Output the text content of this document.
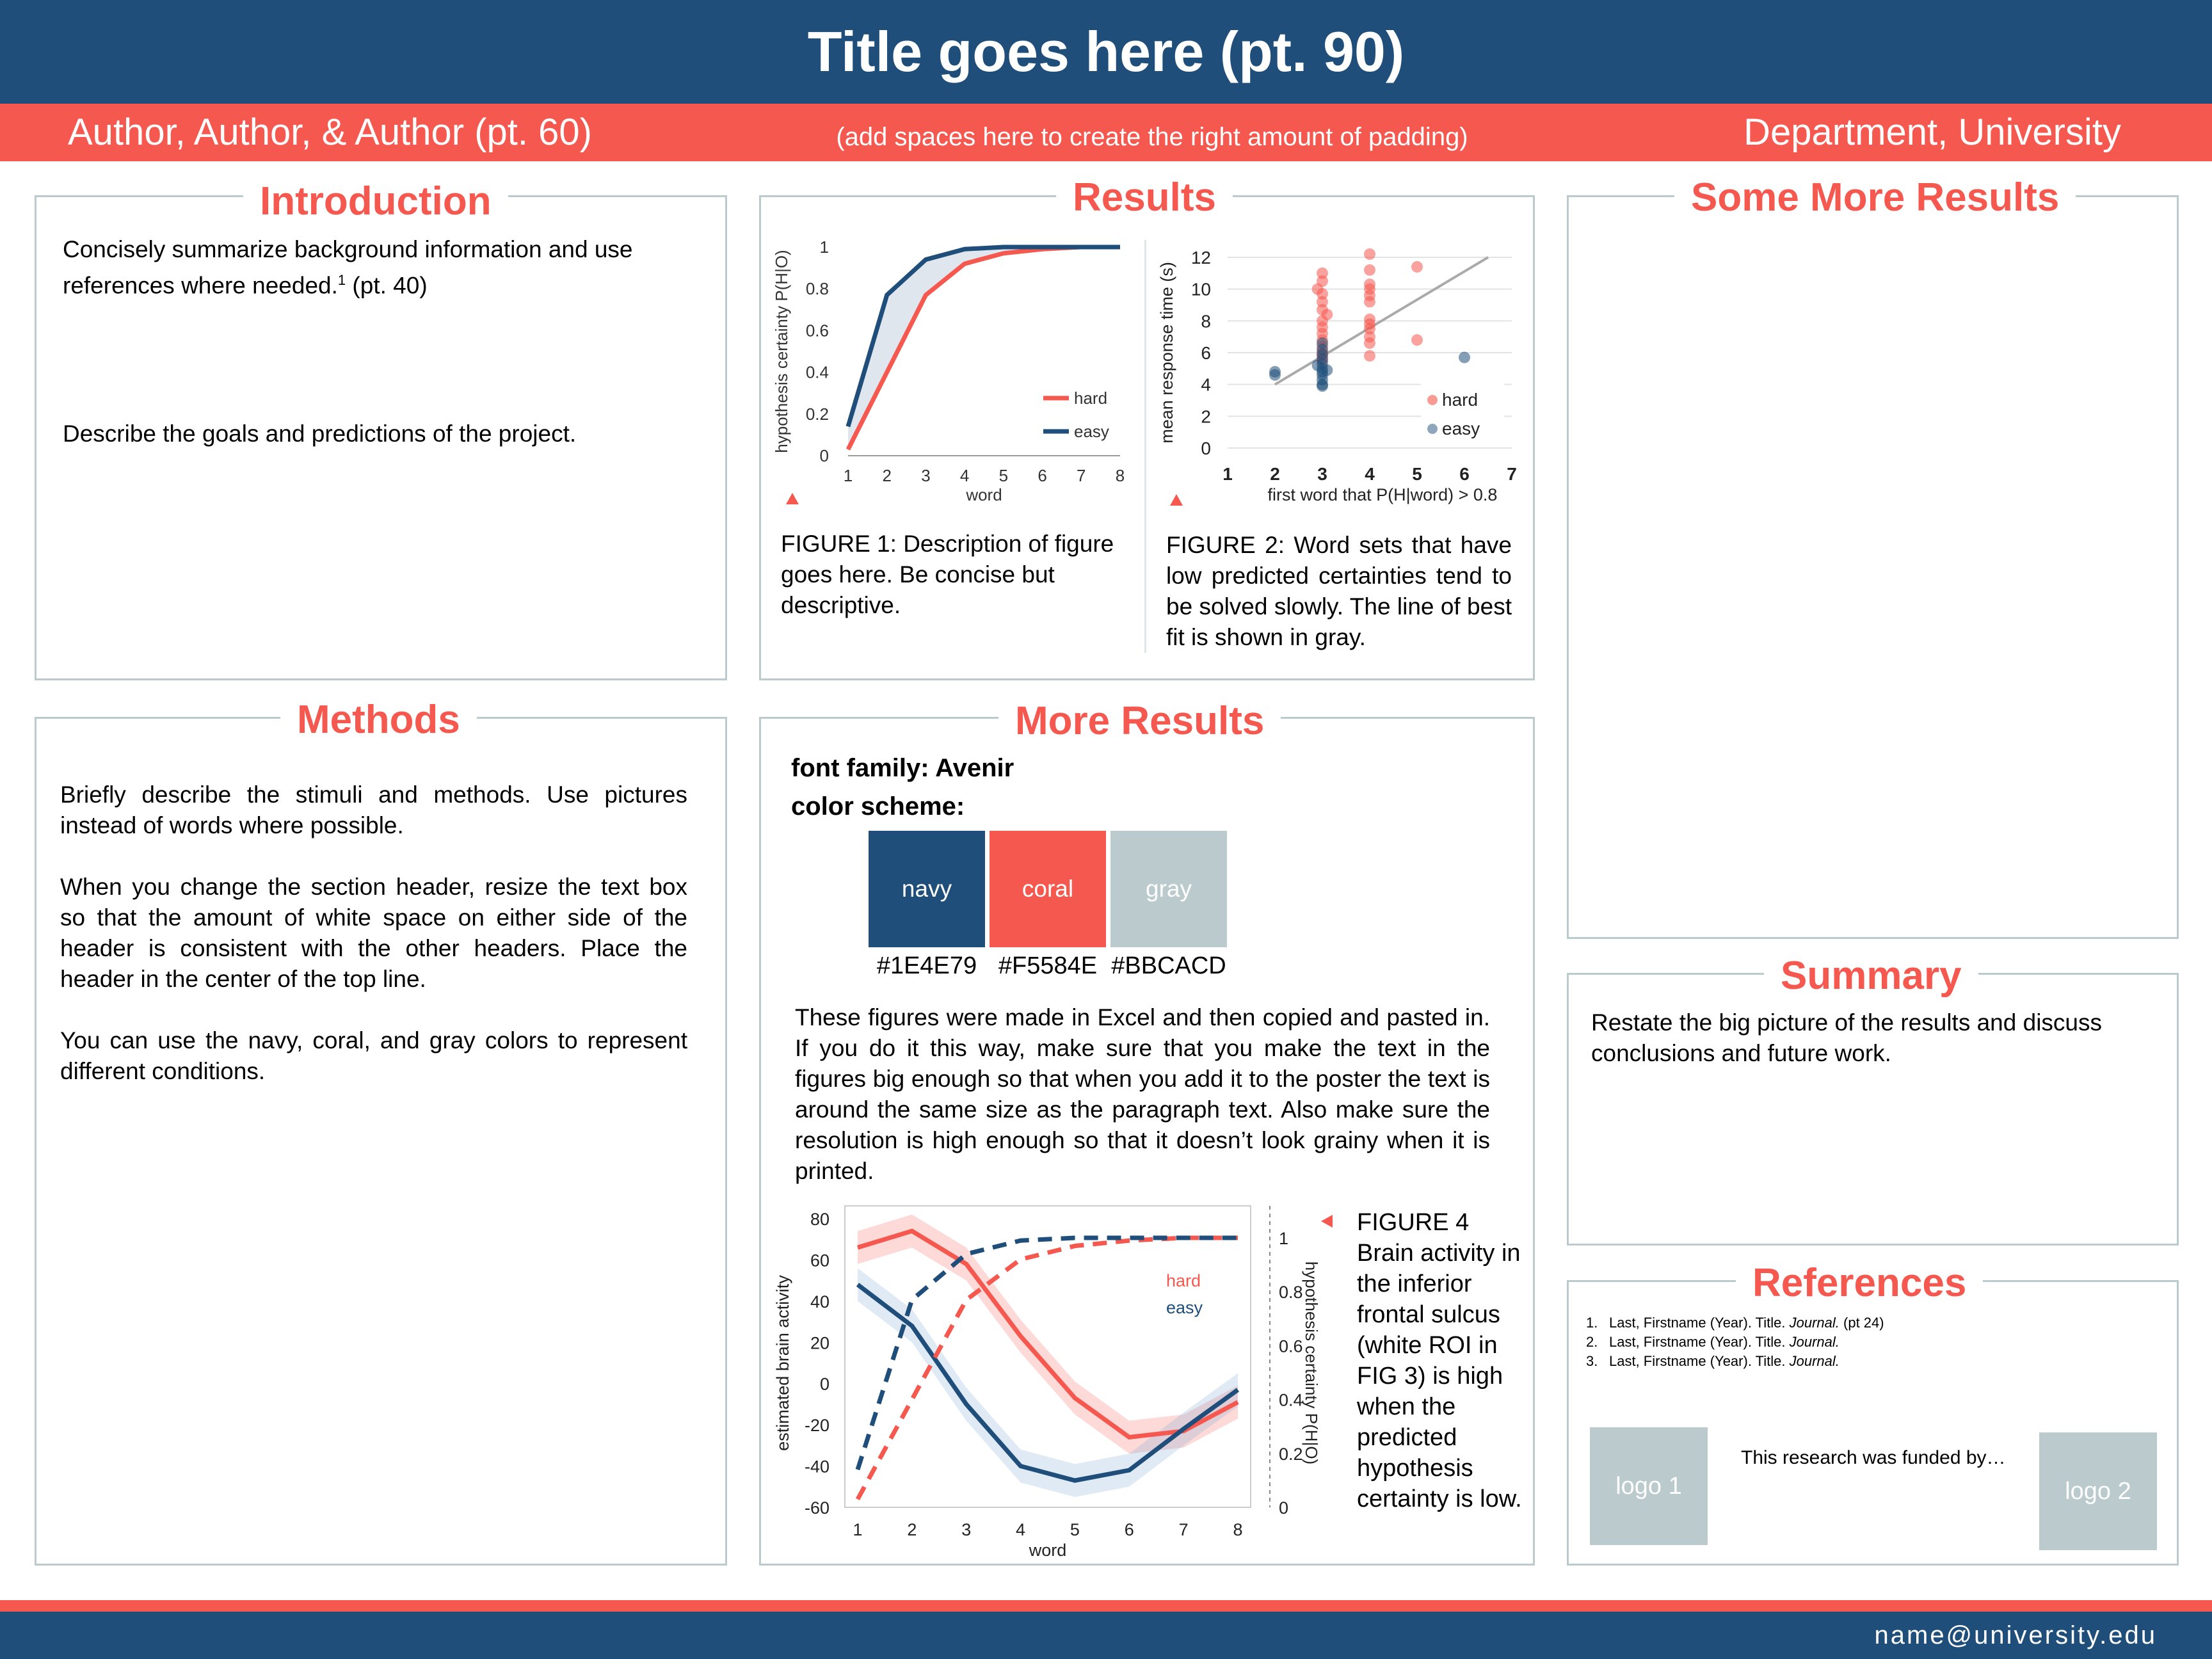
Title goes here (pt. 90)
Author, Author, & Author (pt. 60)	(add spaces here to create the right amount of padding)	Department, University
Introduction
Concisely summarize background information and use references where needed.$^1$ (pt. 40)
Describe the goals and predictions of the project.
Methods

Briefly describe the stimuli and methods. Use pictures instead of words where possible.

When you change the section header, resize the text box so that the amount of white space on either side of the header is consistent with the other headers. Place the header in the center of the top line.

You can use the navy, coral, and gray colors to represent different conditions.

Results
0
0.2
0.4
0.6
0.8
1
1 2 3 4 5 6 7 8
word
hypothesis certainty P(H|O)	hard
easy
0
2
4
6
8
10
12
1 2 3 4 5 6 7
first word that P(H|word) > 0.8
mean response time (s)	hard
easy
FIGURE 1: Description of figure goes here. Be concise but descriptive.
FIGURE 2: Word sets that have low predicted certainties tend to be solved slowly. The line of best fit is shown in gray.
More Results
font family: Avenir
color scheme:
navy	coral	gray
#1E4E79 #F5584E #BBCACD
These figures were made in Excel and then copied and pasted in. If you do it this way, make sure that you make the text in the figures big enough so that when you add it to the poster the text is around the same size as the paragraph text. Also make sure the resolution is high enough so that it doesn’t look grainy when it is printed.
-60
-40
-20
0
20
40
60
80
0
0.2
0.4
0.6
0.8
1
1	2	3	4	5	6	7	8
word
estimated brain activity	hypothesis certainty P(H|O)
hard
easy
FIGURE 4 Brain activity in the inferior frontal sulcus (white ROI in FIG 3) is high when the predicted hypothesis certainty is low.
Some More Results
Summary
Restate the big picture of the results and discuss conclusions and future work.
References
1. Last, Firstname (Year). Title. Journal. (pt 24)
2. Last, Firstname (Year). Title. Journal.
3. Last, Firstname (Year). Title. Journal.
logo 1
This research was funded by…
logo 2
name@university.edu
